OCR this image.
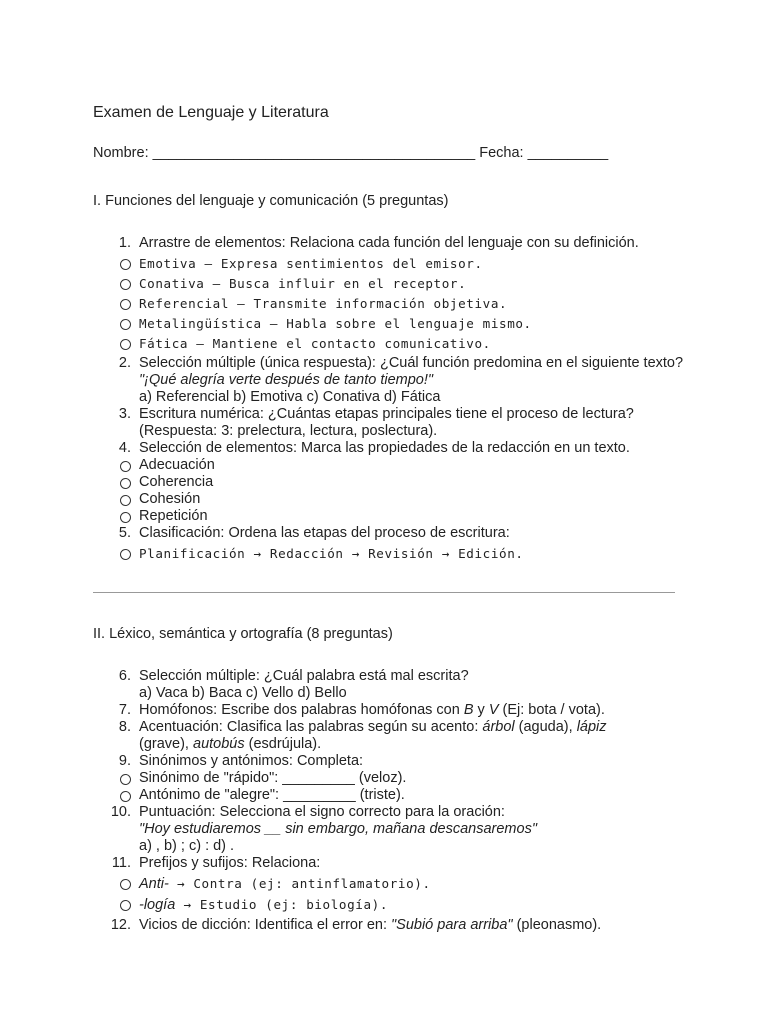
Examen de Lenguaje y Literatura
Nombre: ________________________________________ Fecha: __________
I. Funciones del lenguaje y comunicación (5 preguntas)
1. Arrastre de elementos: Relaciona cada función del lenguaje con su definición.
Emotiva – Expresa sentimientos del emisor.
Conativa – Busca influir en el receptor.
Referencial – Transmite información objetiva.
Metalingüística – Habla sobre el lenguaje mismo.
Fática – Mantiene el contacto comunicativo.
2. Selección múltiple (única respuesta): ¿Cuál función predomina en el siguiente texto?
"¡Qué alegría verte después de tanto tiempo!"
a) Referencial b) Emotiva c) Conativa d) Fática
3. Escritura numérica: ¿Cuántas etapas principales tiene el proceso de lectura? (Respuesta: 3: prelectura, lectura, poslectura).
4. Selección de elementos: Marca las propiedades de la redacción en un texto.
Adecuación
Coherencia
Cohesión
Repetición
5. Clasificación: Ordena las etapas del proceso de escritura:
Planificación → Redacción → Revisión → Edición.
II. Léxico, semántica y ortografía (8 preguntas)
6. Selección múltiple: ¿Cuál palabra está mal escrita?
a) Vaca b) Baca c) Vello d) Bello
7. Homófonos: Escribe dos palabras homófonas con B y V (Ej: bota / vota).
8. Acentuación: Clasifica las palabras según su acento: árbol (aguda), lápiz
(grave), autobús (esdrújula).
9. Sinónimos y antónimos: Completa:
Sinónimo de "rápido": _________ (veloz).
Antónimo de "alegre": _________ (triste).
10. Puntuación: Selecciona el signo correcto para la oración:
"Hoy estudiaremos __ sin embargo, mañana descansaremos"
a) , b) ; c) : d) .
11. Prefijos y sufijos: Relaciona:
Anti- → Contra (ej: antinflamatorio).
-logía → Estudio (ej: biología).
12. Vicios de dicción: Identifica el error en: "Subió para arriba" (pleonasmo).
